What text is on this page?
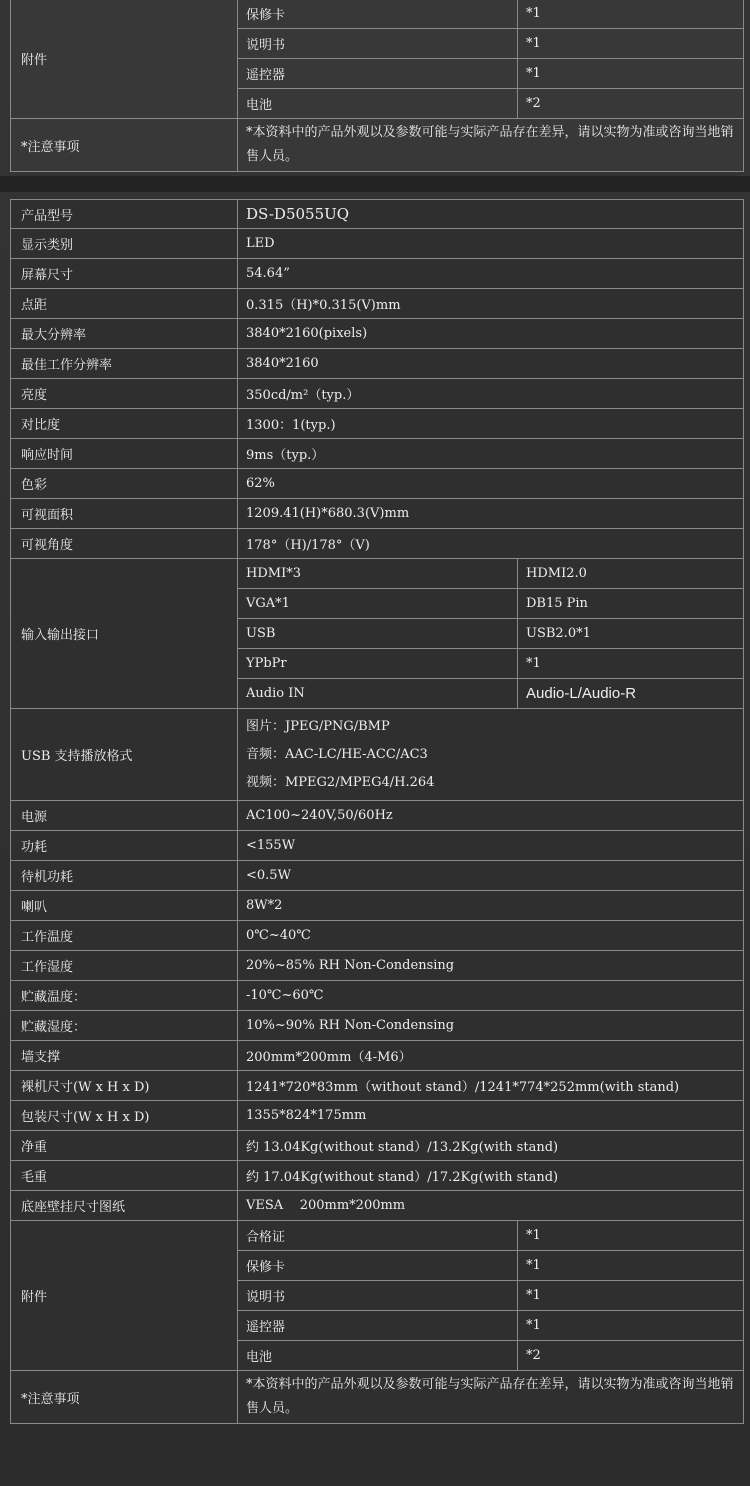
附件	保修卡	*1
	说明书	*1
	遥控器	*1
	电池	*2
*注意事项	*本资料中的产品外观以及参数可能与实际产品存在差异，请以实物为准或咨询当地销售人员。	
产品型号	DS-D5055UQ	
显示类别	LED	
屏幕尺寸	54.64”	
点距	0.315（H)*0.315(V)mm	
最大分辨率	3840*2160(pixels)	
最佳工作分辨率	3840*2160	
亮度	350cd/m²（typ.）	
对比度	1300：1(typ.)	
响应时间	9ms（typ.）	
色彩	62%	
可视面积	1209.41(H)*680.3(V)mm	
可视角度	178°（H)/178°（V)	
输入输出接口	HDMI*3	HDMI2.0
	VGA*1	DB15 Pin
	USB	USB2.0*1
	YPbPr	*1
	Audio IN	Audio-L/Audio-R
USB 支持播放格式	图片：JPEG/PNG/BMP
音频：AAC-LC/HE-ACC/AC3
视频：MPEG2/MPEG4/H.264	

电源	AC100~240V,50/60Hz	
功耗	<155W	
待机功耗	<0.5W	
喇叭	8W*2	
工作温度	0℃~40℃	
工作湿度	20%~85% RH Non-Condensing	
贮藏温度：	-10℃~60℃	
贮藏湿度：	10%~90% RH Non-Condensing	
墙支撑	200mm*200mm（4-M6）	
裸机尺寸(W x H x D)	1241*720*83mm（without stand）/1241*774*252mm(with stand)	
包装尺寸(W x H x D)	1355*824*175mm	
净重	约 13.04Kg(without stand）/13.2Kg(with stand)	
毛重	约 17.04Kg(without stand）/17.2Kg(with stand)	
底座壁挂尺寸图纸	VESA    200mm*200mm	
附件	合格证	*1
	保修卡	*1
	说明书	*1
	遥控器	*1
	电池	*2
*注意事项	*本资料中的产品外观以及参数可能与实际产品存在差异，请以实物为准或咨询当地销售人员。	
